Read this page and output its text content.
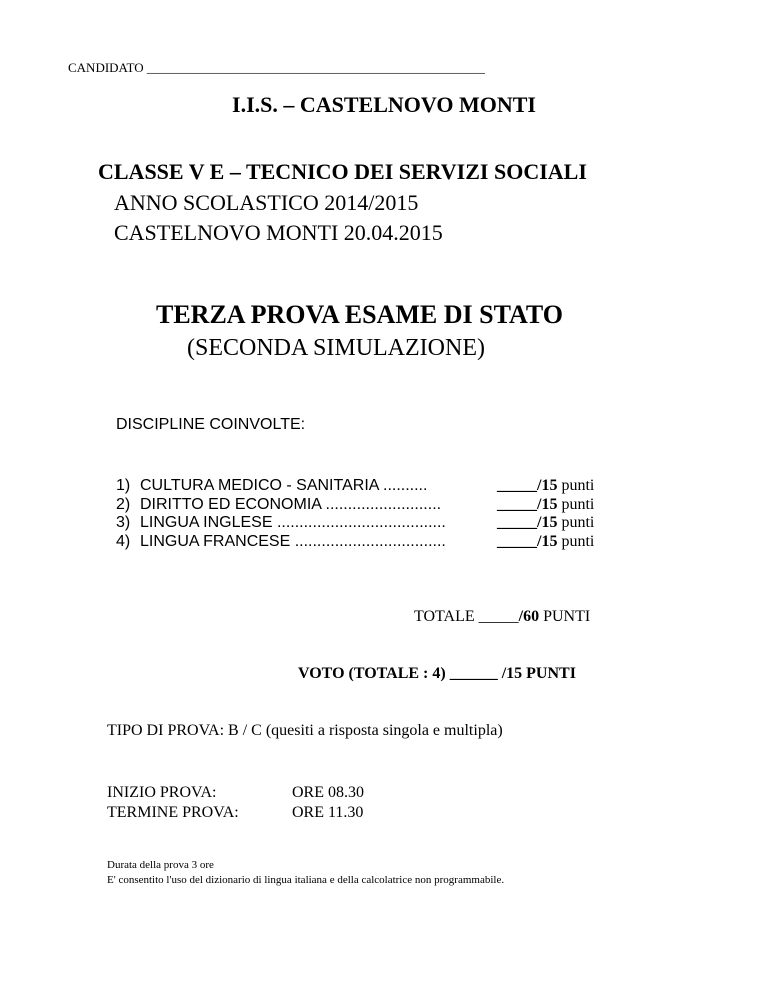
CANDIDATO ____________________________________________________
I.I.S. – CASTELNOVO MONTI
CLASSE V E – TECNICO DEI SERVIZI SOCIALI
ANNO SCOLASTICO 2014/2015
CASTELNOVO MONTI 20.04.2015
TERZA PROVA ESAME DI STATO
(SECONDA SIMULAZIONE)
DISCIPLINE COINVOLTE:
1) CULTURA MEDICO - SANITARIA ..........	_____/15 punti
2) DIRITTO ED ECONOMIA ..........................	_____/15 punti
3) LINGUA INGLESE ......................................	_____/15 punti
4) LINGUA FRANCESE ..................................	_____/15 punti
TOTALE _____/60 PUNTI
VOTO (TOTALE : 4) ______ /15 PUNTI
TIPO DI PROVA: B / C (quesiti a risposta singola e multipla)
INIZIO PROVA:	ORE 08.30
TERMINE PROVA:	ORE 11.30
Durata della prova 3 ore
E' consentito l'uso del dizionario di lingua italiana e della calcolatrice non programmabile.
